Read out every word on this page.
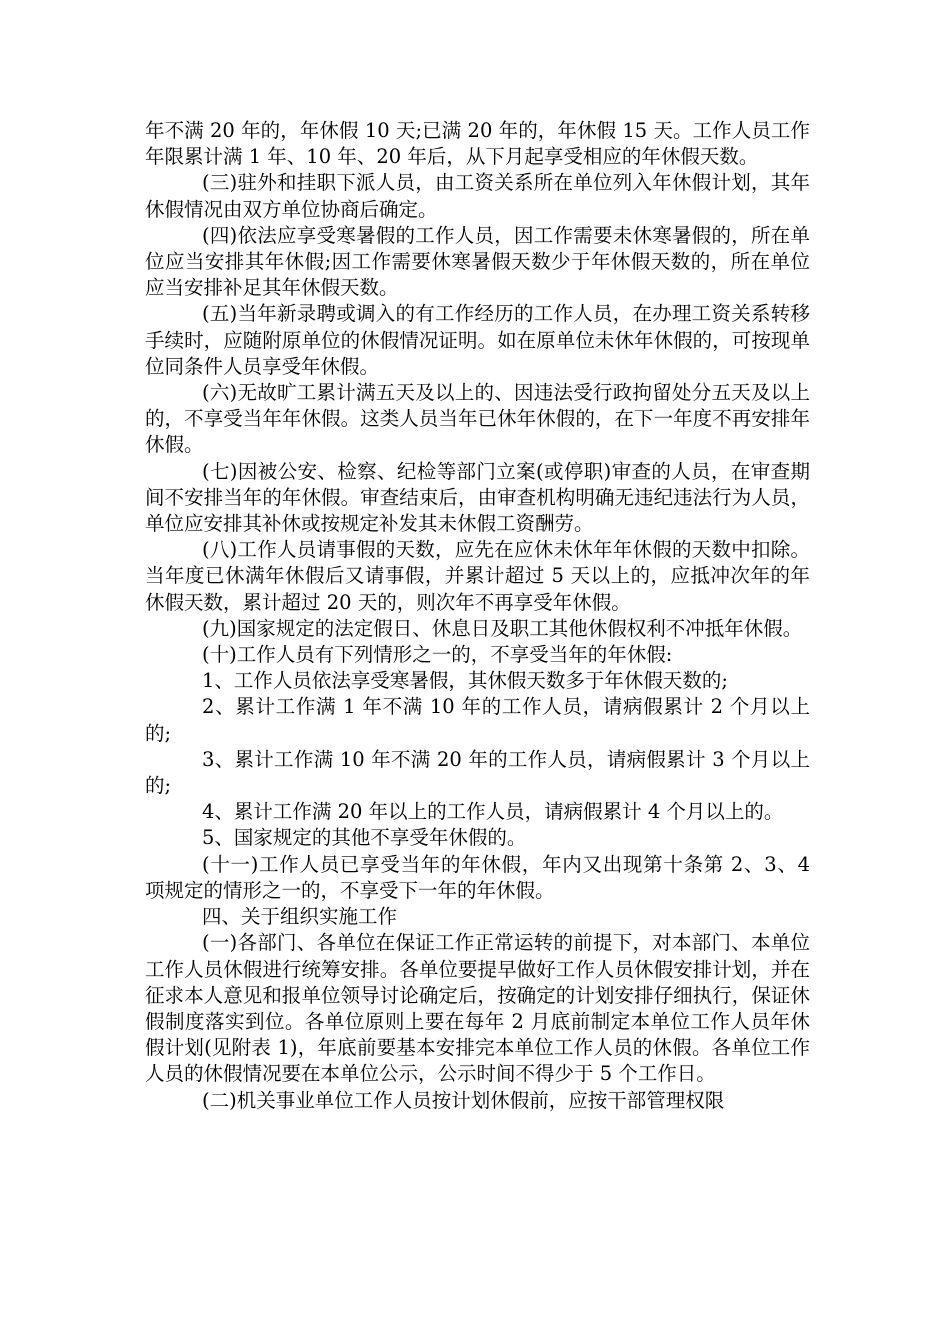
年不满 20 年的，年休假 10 天;已满 20 年的，年休假 15 天。工作人员工作年限累计满 1 年、10 年、20 年后，从下月起享受相应的年休假天数。

(三)驻外和挂职下派人员，由工资关系所在单位列入年休假计划，其年休假情况由双方单位协商后确定。

(四)依法应享受寒暑假的工作人员，因工作需要未休寒暑假的，所在单位应当安排其年休假;因工作需要休寒暑假天数少于年休假天数的，所在单位应当安排补足其年休假天数。

(五)当年新录聘或调入的有工作经历的工作人员，在办理工资关系转移手续时，应随附原单位的休假情况证明。如在原单位未休年休假的，可按现单位同条件人员享受年休假。

(六)无故旷工累计满五天及以上的、因违法受行政拘留处分五天及以上的，不享受当年年休假。这类人员当年已休年休假的，在下一年度不再安排年休假。

(七)因被公安、检察、纪检等部门立案(或停职)审查的人员，在审查期间不安排当年的年休假。审查结束后，由审查机构明确无违纪违法行为人员，单位应安排其补休或按规定补发其未休假工资酬劳。

(八)工作人员请事假的天数，应先在应休未休年年休假的天数中扣除。当年度已休满年休假后又请事假，并累计超过 5 天以上的，应抵冲次年的年休假天数，累计超过 20 天的，则次年不再享受年休假。

(九)国家规定的法定假日、休息日及职工其他休假权利不冲抵年休假。

(十)工作人员有下列情形之一的，不享受当年的年休假:

1、工作人员依法享受寒暑假，其休假天数多于年休假天数的;

2、累计工作满 1 年不满 10 年的工作人员，请病假累计 2 个月以上的;

3、累计工作满 10 年不满 20 年的工作人员，请病假累计 3 个月以上的;

4、累计工作满 20 年以上的工作人员，请病假累计 4 个月以上的。

5、国家规定的其他不享受年休假的。

(十一)工作人员已享受当年的年休假，年内又出现第十条第 2、3、4 项规定的情形之一的，不享受下一年的年休假。

四、关于组织实施工作

(一)各部门、各单位在保证工作正常运转的前提下，对本部门、本单位工作人员休假进行统筹安排。各单位要提早做好工作人员休假安排计划，并在征求本人意见和报单位领导讨论确定后，按确定的计划安排仔细执行，保证休假制度落实到位。各单位原则上要在每年 2 月底前制定本单位工作人员年休假计划(见附表 1)，年底前要基本安排完本单位工作人员的休假。各单位工作人员的休假情况要在本单位公示，公示时间不得少于 5 个工作日。

(二)机关事业单位工作人员按计划休假前，应按干部管理权限
